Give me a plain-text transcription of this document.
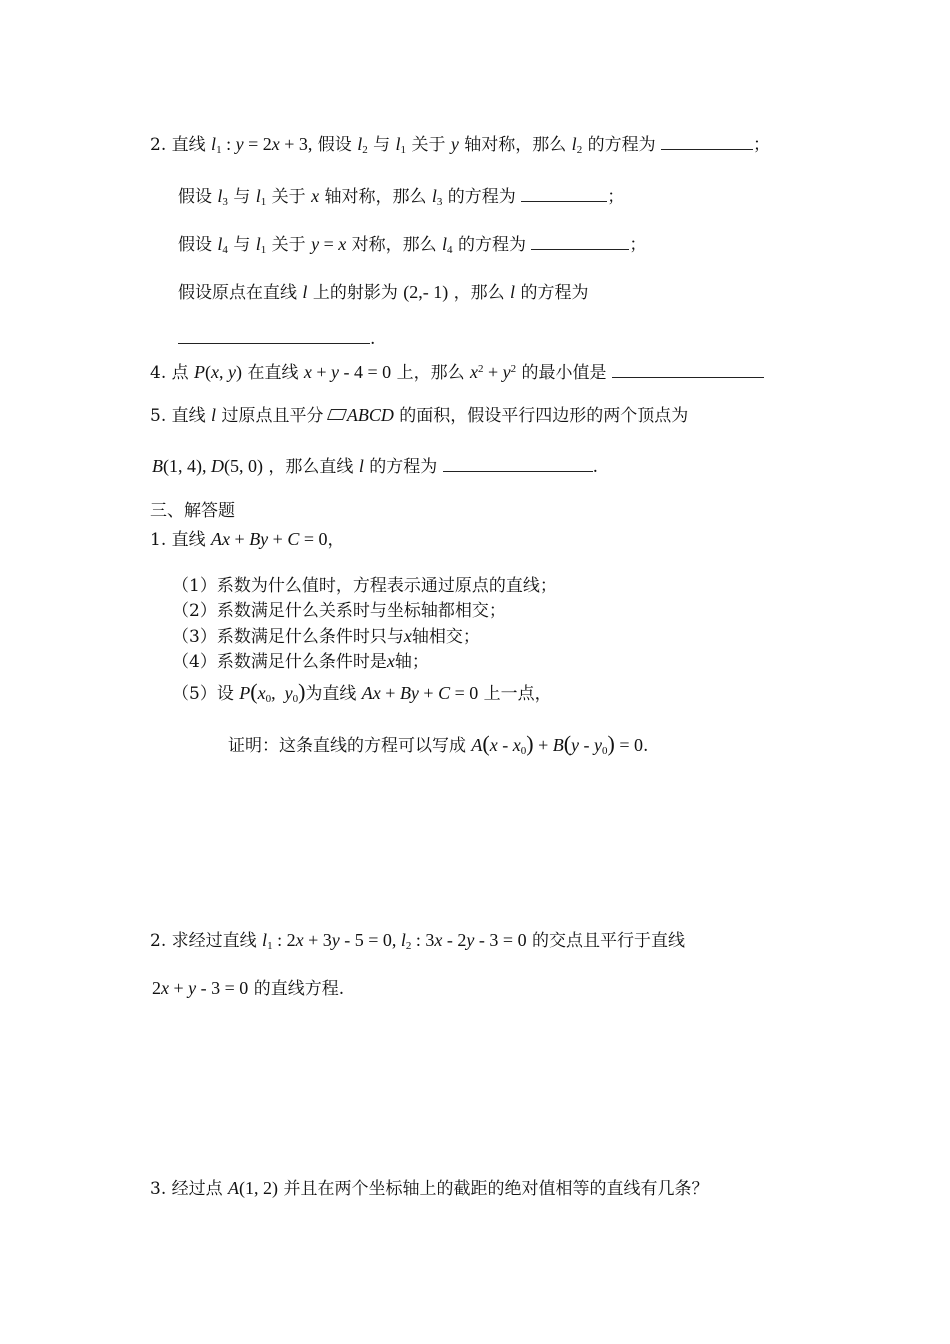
2. 直线 $l_1$ : y = 2x + 3, 假设 $l_2$ 与 $l_1$ 关于 y 轴对称，那么 $l_2$ 的方程为	；
假设 $l_3$ 与 $l_1$ 关于 x 轴对称，那么 $l_3$ 的方程为	；
假设 $l_4$ 与 $l_1$ 关于 y = x 对称，那么 $l_4$ 的方程为	；
假设原点在直线 l 上的射影为 (2,- 1) ，那么 l 的方程为
.
4. 点 P(x, y) 在直线 x + y - 4 = 0 上，那么 $x^2 + y^2$ 的最小值是
5. 直线 l 过原点且平分 ABCD 的面积，假设平行四边形的两个顶点为
B(1, 4), D(5, 0) ，那么直线 l 的方程为	.
三、解答题
1. 直线 Ax + By + C = 0，
（1）系数为什么值时，方程表示通过原点的直线；
（2）系数满足什么关系时与坐标轴都相交；
（3）系数满足什么条件时只与x轴相交；
（4）系数满足什么条件时是x轴；
（5）设 $P(x_0$,  $y_0$)为直线 Ax + By + C = 0 上一点，
证明：这条直线的方程可以写成 $A(x - x_0) + B(y - y_0) = 0$.
2. 求经过直线 $l_1$ : 2x + 3y - 5 = 0, $l_2$ : 3x - 2y - 3 = 0 的交点且平行于直线
2x + y - 3 = 0 的直线方程.
3. 经过点 A(1, 2) 并且在两个坐标轴上的截距的绝对值相等的直线有几条？
